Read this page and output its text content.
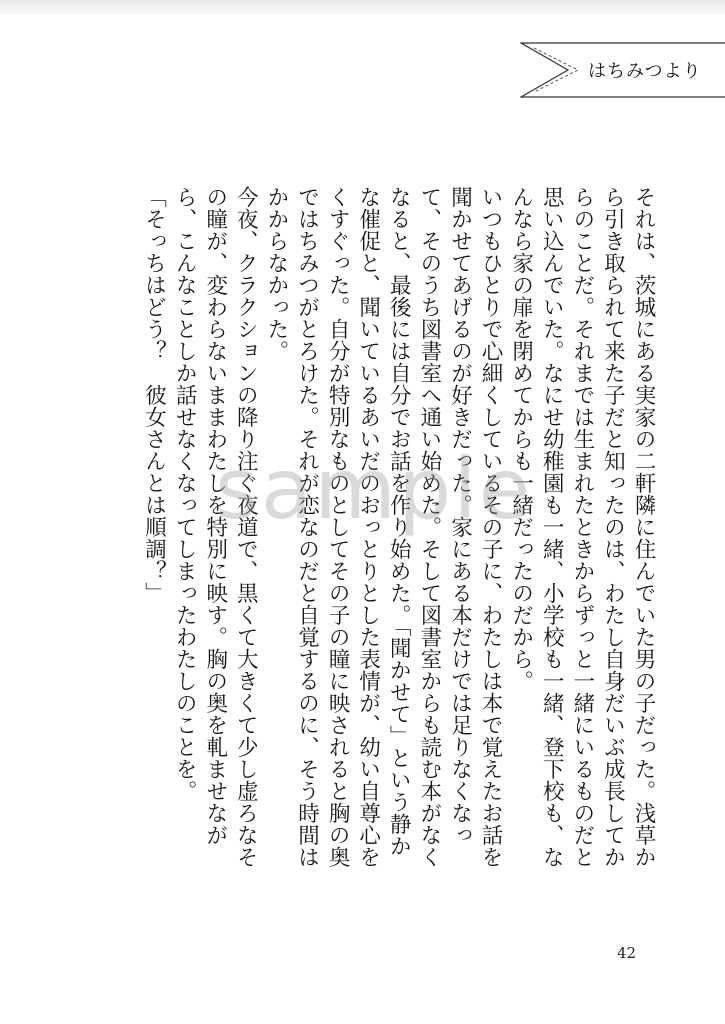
はちみつより

それは、茨城にある実家の二軒隣に住んでいた男の子だった。浅草から引き取られて来た子だと知ったのは、わたし自身だいぶ成長してからのことだ。それまでは生まれたときからずっと一緒にいるものだと思い込んでいた。なにせ幼稚園も一緒、小学校も一緒、登下校も、なんなら家の扉を閉めてからも一緒だったのだから。

いつもひとりで心細くしているその子に、わたしは本で覚えたお話を聞かせてあげるのが好きだった。家にある本だけでは足りなくなって、そのうち図書室へ通い始めた。そして図書室からも読む本がなくなると、最後には自分でお話を作り始めた。「聞かせて」という静かな催促と、聞いているあいだのおっとりとした表情が、幼い自尊心をくすぐった。自分が特別なものとしてその子の瞳に映されると胸の奥ではちみつがとろけた。それが恋なのだと自覚するのに、そう時間はかからなかった。

今夜、クラクションの降り注ぐ夜道で、黒くて大きくて少し虚ろなその瞳が、変わらないままわたしを特別に映す。胸の奥を軋ませながら、こんなことしか話せなくなってしまったわたしのことを。

「そっちはどう？　彼女さんとは順調？」 sample
42
